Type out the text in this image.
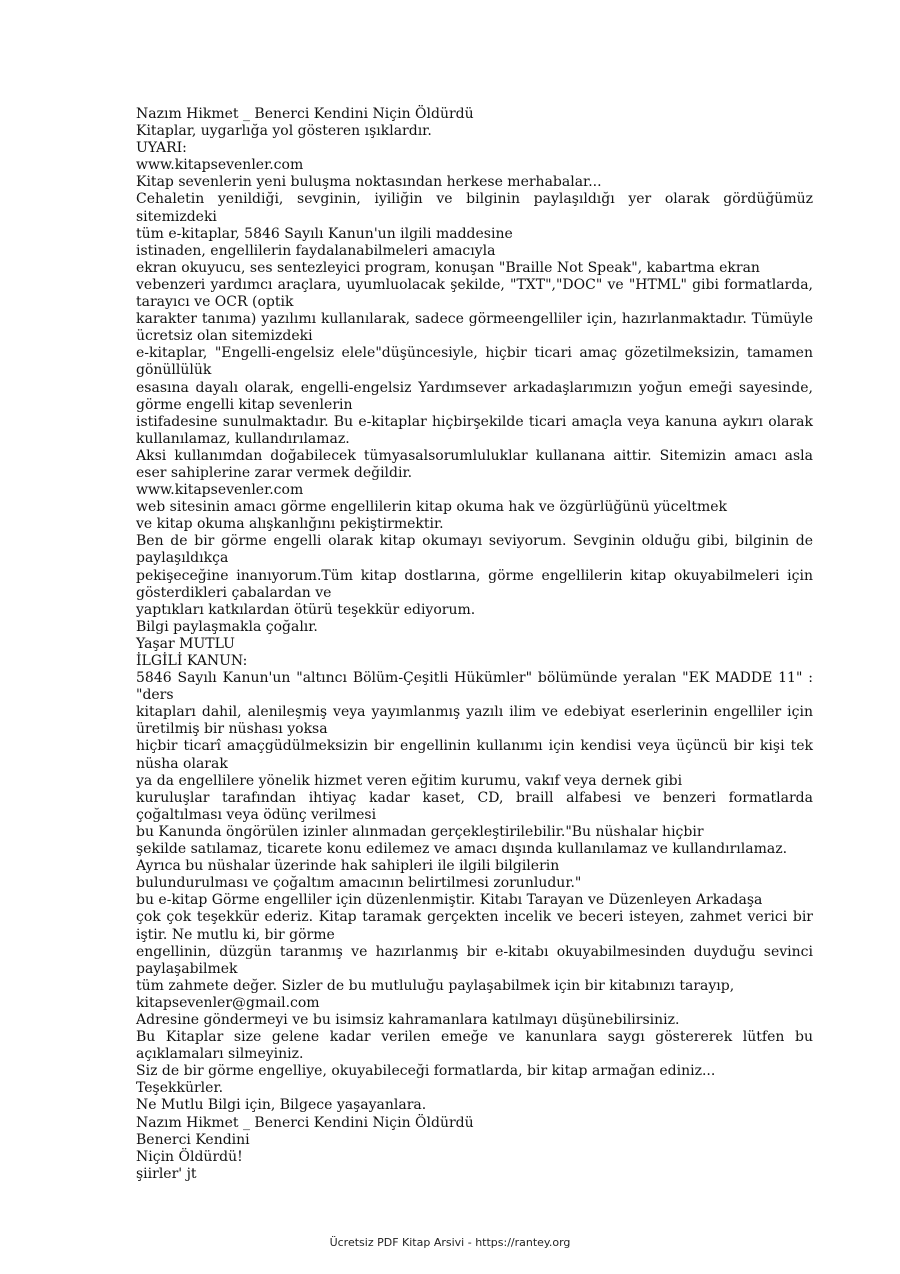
Nazım Hikmet _ Benerci Kendini Niçin Öldürdü
Kitaplar, uygarlığa yol gösteren ışıklardır.
UYARI:
www.kitapsevenler.com
Kitap sevenlerin yeni buluşma noktasından herkese merhabalar...
Cehaletin yenildiği, sevginin, iyiliğin ve bilginin paylaşıldığı yer olarak gördüğümüz sitemizdeki
tüm e-kitaplar, 5846 Sayılı Kanun'un ilgili maddesine
istinaden, engellilerin faydalanabilmeleri amacıyla
ekran okuyucu, ses sentezleyici program, konuşan "Braille Not Speak", kabartma ekran
vebenzeri yardımcı araçlara, uyumluolacak şekilde, "TXT","DOC" ve "HTML" gibi formatlarda, tarayıcı ve OCR (optik
karakter tanıma) yazılımı kullanılarak, sadece görmeengelliler için, hazırlanmaktadır. Tümüyle ücretsiz olan sitemizdeki
e-kitaplar, "Engelli-engelsiz elele"düşüncesiyle, hiçbir ticari amaç gözetilmeksizin, tamamen gönüllülük
esasına dayalı olarak, engelli-engelsiz Yardımsever arkadaşlarımızın yoğun emeği sayesinde, görme engelli kitap sevenlerin
istifadesine sunulmaktadır. Bu e-kitaplar hiçbirşekilde ticari amaçla veya kanuna aykırı olarak kullanılamaz, kullandırılamaz.
Aksi kullanımdan doğabilecek tümyasalsorumluluklar kullanana aittir. Sitemizin amacı asla eser sahiplerine zarar vermek değildir.
www.kitapsevenler.com
web sitesinin amacı görme engellilerin kitap okuma hak ve özgürlüğünü yüceltmek
ve kitap okuma alışkanlığını pekiştirmektir.
Ben de bir görme engelli olarak kitap okumayı seviyorum. Sevginin olduğu gibi, bilginin de paylaşıldıkça
pekişeceğine inanıyorum.Tüm kitap dostlarına, görme engellilerin kitap okuyabilmeleri için gösterdikleri çabalardan ve
yaptıkları katkılardan ötürü teşekkür ediyorum.
Bilgi paylaşmakla çoğalır.
Yaşar MUTLU
İLGİLİ KANUN:
5846 Sayılı Kanun'un "altıncı Bölüm-Çeşitli Hükümler" bölümünde yeralan "EK MADDE 11" : "ders
kitapları dahil, alenileşmiş veya yayımlanmış yazılı ilim ve edebiyat eserlerinin engelliler için üretilmiş bir nüshası yoksa
hiçbir ticarî amaçgüdülmeksizin bir engellinin kullanımı için kendisi veya üçüncü bir kişi tek nüsha olarak
ya da engellilere yönelik hizmet veren eğitim kurumu, vakıf veya dernek gibi
kuruluşlar tarafından ihtiyaç kadar kaset, CD, braill alfabesi ve benzeri formatlarda çoğaltılması veya ödünç verilmesi
bu Kanunda öngörülen izinler alınmadan gerçekleştirilebilir."Bu nüshalar hiçbir
şekilde satılamaz, ticarete konu edilemez ve amacı dışında kullanılamaz ve kullandırılamaz.
Ayrıca bu nüshalar üzerinde hak sahipleri ile ilgili bilgilerin
bulundurulması ve çoğaltım amacının belirtilmesi zorunludur."
bu e-kitap Görme engelliler için düzenlenmiştir. Kitabı Tarayan ve Düzenleyen Arkadaşa
çok çok teşekkür ederiz. Kitap taramak gerçekten incelik ve beceri isteyen, zahmet verici bir iştir. Ne mutlu ki, bir görme
engellinin, düzgün taranmış ve hazırlanmış bir e-kitabı okuyabilmesinden duyduğu sevinci paylaşabilmek
tüm zahmete değer. Sizler de bu mutluluğu paylaşabilmek için bir kitabınızı tarayıp,
kitapsevenler@gmail.com
Adresine göndermeyi ve bu isimsiz kahramanlara katılmayı düşünebilirsiniz.
Bu Kitaplar size gelene kadar verilen emeğe ve kanunlara saygı göstererek lütfen bu açıklamaları silmeyiniz.
Siz de bir görme engelliye, okuyabileceği formatlarda, bir kitap armağan ediniz...
Teşekkürler.
Ne Mutlu Bilgi için, Bilgece yaşayanlara.
Nazım Hikmet _ Benerci Kendini Niçin Öldürdü
Benerci Kendini
Niçin Öldürdü!
şiirler' jt
Ücretsiz PDF Kitap Arsivi - https://rantey.org
